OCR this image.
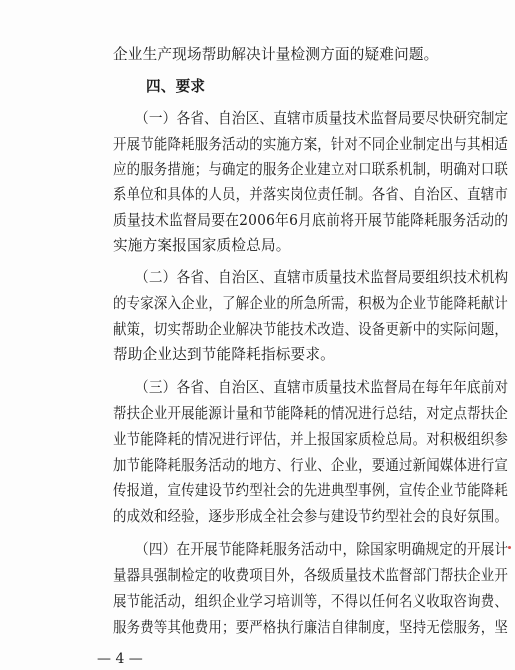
企业生产现场帮助解决计量检测方面的疑难问题。
四、要求
（一）各省、自治区、直辖市质量技术监督局要尽快研究制定
开展节能降耗服务活动的实施方案，针对不同企业制定出与其相适
应的服务措施；与确定的服务企业建立对口联系机制，明确对口联
系单位和具体的人员，并落实岗位责任制。各省、自治区、直辖市
质量技术监督局要在2006年6月底前将开展节能降耗服务活动的
实施方案报国家质检总局。
（二）各省、自治区、直辖市质量技术监督局要组织技术机构
的专家深入企业，了解企业的所急所需，积极为企业节能降耗献计
献策，切实帮助企业解决节能技术改造、设备更新中的实际问题，
帮助企业达到节能降耗指标要求。
（三）各省、自治区、直辖市质量技术监督局在每年年底前对
帮扶企业开展能源计量和节能降耗的情况进行总结，对定点帮扶企
业节能降耗的情况进行评估，并上报国家质检总局。对积极组织参
加节能降耗服务活动的地方、行业、企业，要通过新闻媒体进行宣
传报道，宣传建设节约型社会的先进典型事例，宣传企业节能降耗
的成效和经验，逐步形成全社会参与建设节约型社会的良好氛围。
（四）在开展节能降耗服务活动中，除国家明确规定的开展计
量器具强制检定的收费项目外，各级质量技术监督部门帮扶企业开
展节能活动，组织企业学习培训等，不得以任何名义收取咨询费、
服务费等其他费用；要严格执行廉洁自律制度，坚持无偿服务，坚
— 4 —
